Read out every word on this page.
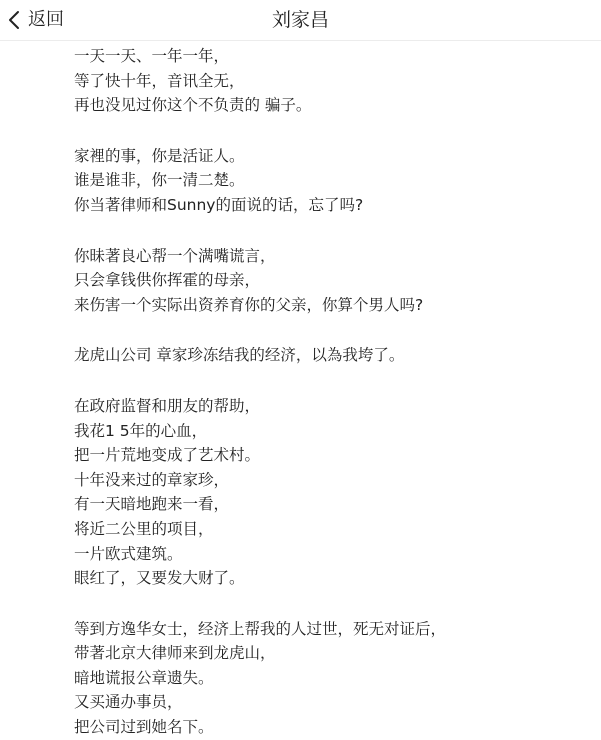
返回	刘家昌
一天一天、一年一年，
等了快十年，音讯全无，
再也没见过你这个不负责的 骗子。
家裡的事，你是活证人。
谁是谁非，你一清二楚。
你当著律师和Sunny的面说的话，忘了吗?
你昧著良心帮一个满嘴谎言，
只会拿钱供你挥霍的母亲，
来伤害一个实际出资养育你的父亲，你算个男人吗?
龙虎山公司 章家珍冻结我的经济，以為我垮了。
在政府监督和朋友的帮助，
我花1 5年的心血，
把一片荒地变成了艺术村。
十年没来过的章家珍，
有一天暗地跑来一看，
将近二公里的项目，
一片欧式建筑。
眼红了，又要发大财了。
等到方逸华女士，经济上帮我的人过世，死无对证后，
带著北京大律师来到龙虎山，
暗地谎报公章遗失。
又买通办事员，
把公司过到她名下。
